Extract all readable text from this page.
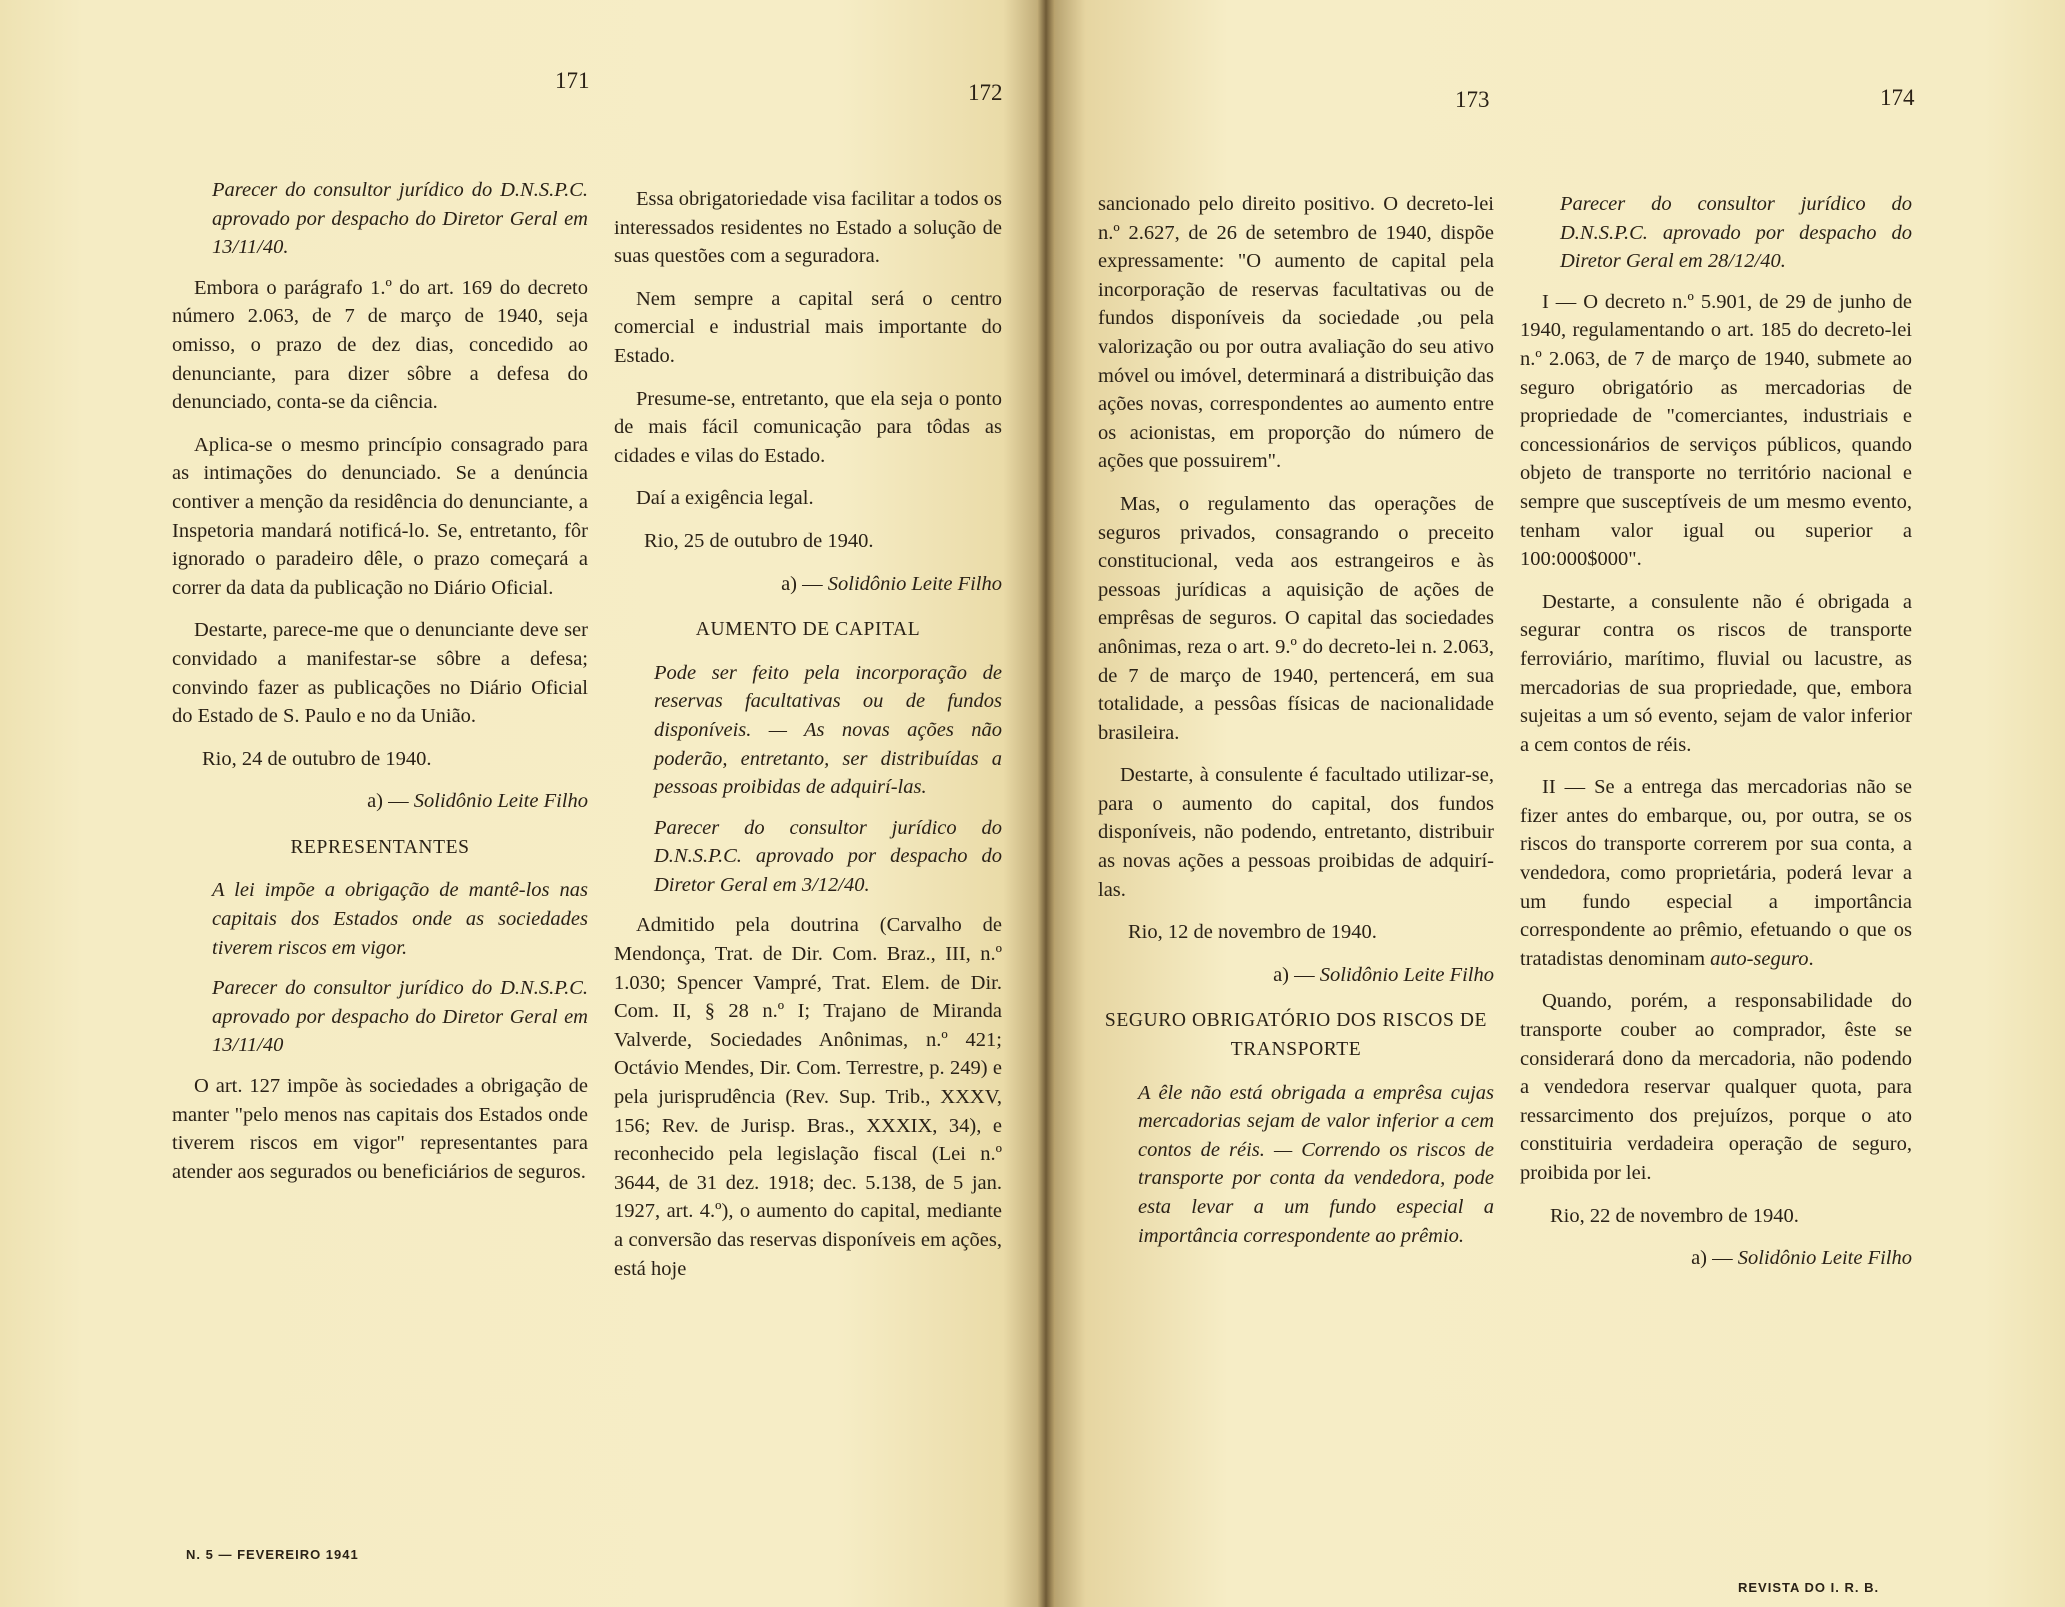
171	172	173	174
Parecer do consultor jurídico do D.N.S.P.C. aprovado por despacho do Diretor Geral em 13/11/40.

Embora o parágrafo 1.º do art. 169 do decreto número 2.063, de 7 de março de 1940, seja omisso, o prazo de dez dias, concedido ao denunciante, para dizer sôbre a defesa do denunciado, conta-se da ciência.

Aplica-se o mesmo princípio consagrado para as intimações do denunciado. Se a denúncia contiver a menção da residência do denunciante, a Inspetoria mandará notificá-lo. Se, entretanto, fôr ignorado o paradeiro dêle, o prazo começará a correr da data da publicação no Diário Oficial.

Destarte, parece-me que o denunciante deve ser convidado a manifestar-se sôbre a defesa; convindo fazer as publicações no Diário Oficial do Estado de S. Paulo e no da União.

Rio, 24 de outubro de 1940.
a) — Solidônio Leite Filho
REPRESENTANTES
A lei impõe a obrigação de mantê-los nas capitais dos Estados onde as sociedades tiverem riscos em vigor.
Parecer do consultor jurídico do D.N.S.P.C. aprovado por despacho do Diretor Geral em 13/11/40

O art. 127 impõe às sociedades a obrigação de manter "pelo menos nas capitais dos Estados onde tiverem riscos em vigor" representantes para atender aos segurados ou beneficiários de seguros.

Essa obrigatoriedade visa facilitar a todos os interessados residentes no Estado a solução de suas questões com a seguradora.

Nem sempre a capital será o centro comercial e industrial mais importante do Estado.

Presume-se, entretanto, que ela seja o ponto de mais fácil comunicação para tôdas as cidades e vilas do Estado.

Daí a exigência legal.

Rio, 25 de outubro de 1940.
a) — Solidônio Leite Filho
AUMENTO DE CAPITAL
Pode ser feito pela incorporação de reservas facultativas ou de fundos disponíveis. — As novas ações não poderão, entretanto, ser distribuídas a pessoas proibidas de adquirí-las.
Parecer do consultor jurídico do D.N.S.P.C. aprovado por despacho do Diretor Geral em 3/12/40.

Admitido pela doutrina (Carvalho de Mendonça, Trat. de Dir. Com. Braz., III, n.º 1.030; Spencer Vampré, Trat. Elem. de Dir. Com. II, § 28 n.º I; Trajano de Miranda Valverde, Sociedades Anônimas, n.º 421; Octávio Mendes, Dir. Com. Terrestre, p. 249) e pela jurisprudência (Rev. Sup. Trib., XXXV, 156; Rev. de Jurisp. Bras., XXXIX, 34), e reconhecido pela legislação fiscal (Lei n.º 3644, de 31 dez. 1918; dec. 5.138, de 5 jan. 1927, art. 4.º), o aumento do capital, mediante a conversão das reservas disponíveis em ações, está hoje

sancionado pelo direito positivo. O decreto-lei n.º 2.627, de 26 de setembro de 1940, dispõe expressamente: "O aumento de capital pela incorporação de reservas facultativas ou de fundos disponíveis da sociedade ,ou pela valorização ou por outra avaliação do seu ativo móvel ou imóvel, determinará a distribuição das ações novas, correspondentes ao aumento entre os acionistas, em proporção do número de ações que possuirem".

Mas, o regulamento das operações de seguros privados, consagrando o preceito constitucional, veda aos estrangeiros e às pessoas jurídicas a aquisição de ações de emprêsas de seguros. O capital das sociedades anônimas, reza o art. 9.º do decreto-lei n. 2.063, de 7 de março de 1940, pertencerá, em sua totalidade, a pessôas físicas de nacionalidade brasileira.

Destarte, à consulente é facultado utilizar-se, para o aumento do capital, dos fundos disponíveis, não podendo, entretanto, distribuir as novas ações a pessoas proibidas de adquirí-las.

Rio, 12 de novembro de 1940.
a) — Solidônio Leite Filho
SEGURO OBRIGATÓRIO DOS RISCOS DE TRANSPORTE
A êle não está obrigada a emprêsa cujas mercadorias sejam de valor inferior a cem contos de réis. — Correndo os riscos de transporte por conta da vendedora, pode esta levar a um fundo especial a importância correspondente ao prêmio.
Parecer do consultor jurídico do D.N.S.P.C. aprovado por despacho do Diretor Geral em 28/12/40.

I — O decreto n.º 5.901, de 29 de junho de 1940, regulamentando o art. 185 do decreto-lei n.º 2.063, de 7 de março de 1940, submete ao seguro obrigatório as mercadorias de propriedade de "comerciantes, industriais e concessionários de serviços públicos, quando objeto de transporte no território nacional e sempre que susceptíveis de um mesmo evento, tenham valor igual ou superior a 100:000$000".

Destarte, a consulente não é obrigada a segurar contra os riscos de transporte ferroviário, marítimo, fluvial ou lacustre, as mercadorias de sua propriedade, que, embora sujeitas a um só evento, sejam de valor inferior a cem contos de réis.

II — Se a entrega das mercadorias não se fizer antes do embarque, ou, por outra, se os riscos do transporte correrem por sua conta, a vendedora, como proprietária, poderá levar a um fundo especial a importância correspondente ao prêmio, efetuando o que os tratadistas denominam auto-seguro.

Quando, porém, a responsabilidade do transporte couber ao comprador, êste se considerará dono da mercadoria, não podendo a vendedora reservar qualquer quota, para ressarcimento dos prejuízos, porque o ato constituiria verdadeira operação de seguro, proibida por lei.

Rio, 22 de novembro de 1940.
a) — Solidônio Leite Filho
N. 5 — FEVEREIRO 1941
REVISTA DO I. R. B.
